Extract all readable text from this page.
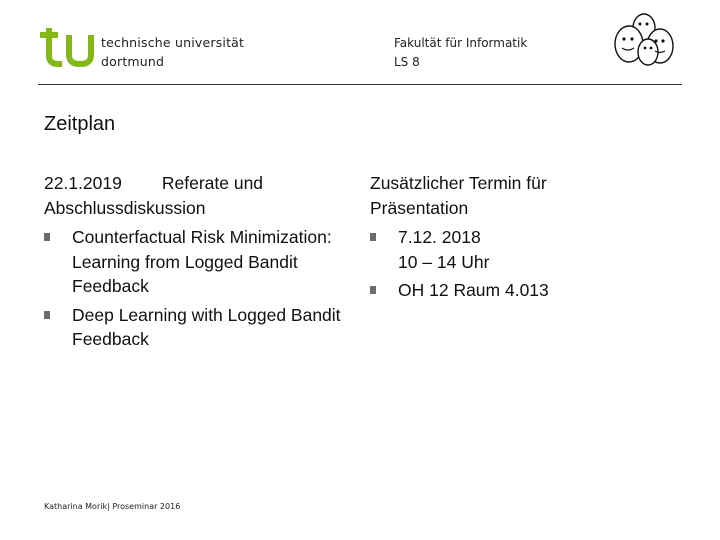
technische universität
dortmund
Fakultät für Informatik
LS 8
Zeitplan
22.1.2019 Referate und
Abschlussdiskussion
Counterfactual Risk Minimization: Learning from Logged Bandit Feedback
Deep Learning with Logged Bandit Feedback
Zusätzlicher Termin für
Präsentation
7.12. 2018
10 – 14 Uhr
OH 12 Raum 4.013
Katharina Morik| Proseminar 2016
